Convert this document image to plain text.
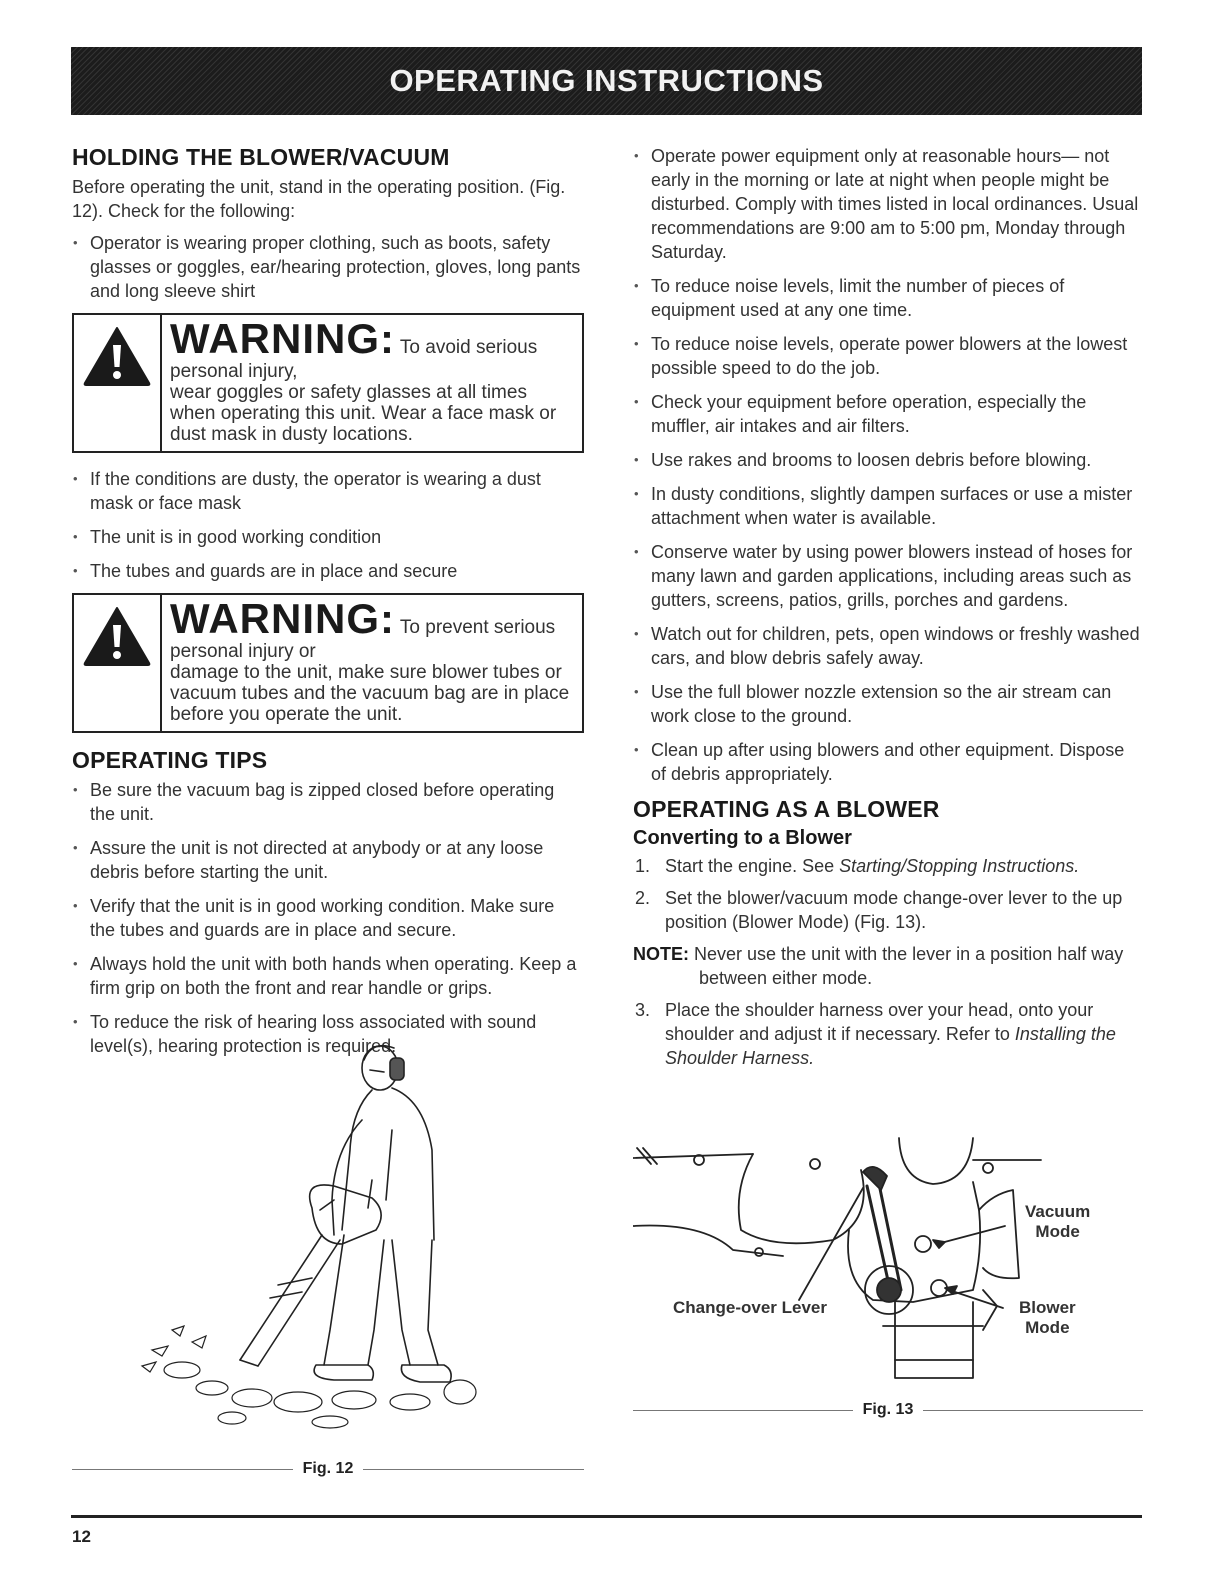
OPERATING INSTRUCTIONS
HOLDING THE BLOWER/VACUUM

Before operating the unit, stand in the operating position. (Fig. 12). Check for the following:

• Operator is wearing proper clothing, such as boots, safety glasses or goggles, ear/hearing protection, gloves, long pants and long sleeve shirt
WARNING: To avoid serious personal injury,
wear goggles or safety glasses at all times when operating this unit. Wear a face mask or dust mask in dusty locations.
• If the conditions are dusty, the operator is wearing a dust mask or face mask
• The unit is in good working condition
• The tubes and guards are in place and secure
WARNING: To prevent serious personal injury or
damage to the unit, make sure blower tubes or vacuum tubes and the vacuum bag are in place before you operate the unit.
OPERATING TIPS
• Be sure the vacuum bag is zipped closed before operating the unit.
• Assure the unit is not directed at anybody or at any loose debris before starting the unit.
• Verify that the unit is in good working condition. Make sure the tubes and guards are in place and secure.
• Always hold the unit with both hands when operating. Keep a firm grip on both the front and rear handle or grips.
• To reduce the risk of hearing loss associated with sound level(s), hearing protection is required.
Fig. 12
• Operate power equipment only at reasonable hours— not early in the morning or late at night when people might be disturbed. Comply with times listed in local ordinances. Usual recommendations are 9:00 am to 5:00 pm, Monday through Saturday.
• To reduce noise levels, limit the number of pieces of equipment used at any one time.
• To reduce noise levels, operate power blowers at the lowest possible speed to do the job.
• Check your equipment before operation, especially the muffler, air intakes and air filters.
• Use rakes and brooms to loosen debris before blowing.
• In dusty conditions, slightly dampen surfaces or use a mister attachment when water is available.
• Conserve water by using power blowers instead of hoses for many lawn and garden applications, including areas such as gutters, screens, patios, grills, porches and gardens.
• Watch out for children, pets, open windows or freshly washed cars, and blow debris safely away.
• Use the full blower nozzle extension so the air stream can work close to the ground.
• Clean up after using blowers and other equipment. Dispose of debris appropriately.
OPERATING AS A BLOWER
Converting to a Blower
1. Start the engine. See Starting/Stopping Instructions.
2. Set the blower/vacuum mode change-over lever to the up position (Blower Mode) (Fig. 13).
NOTE: Never use the unit with the lever in a position half way between either mode.
3. Place the shoulder harness over your head, onto your shoulder and adjust it if necessary. Refer to Installing the Shoulder Harness.
Vacuum
Mode
Blower
Mode
Change-over Lever
Fig. 13
12
